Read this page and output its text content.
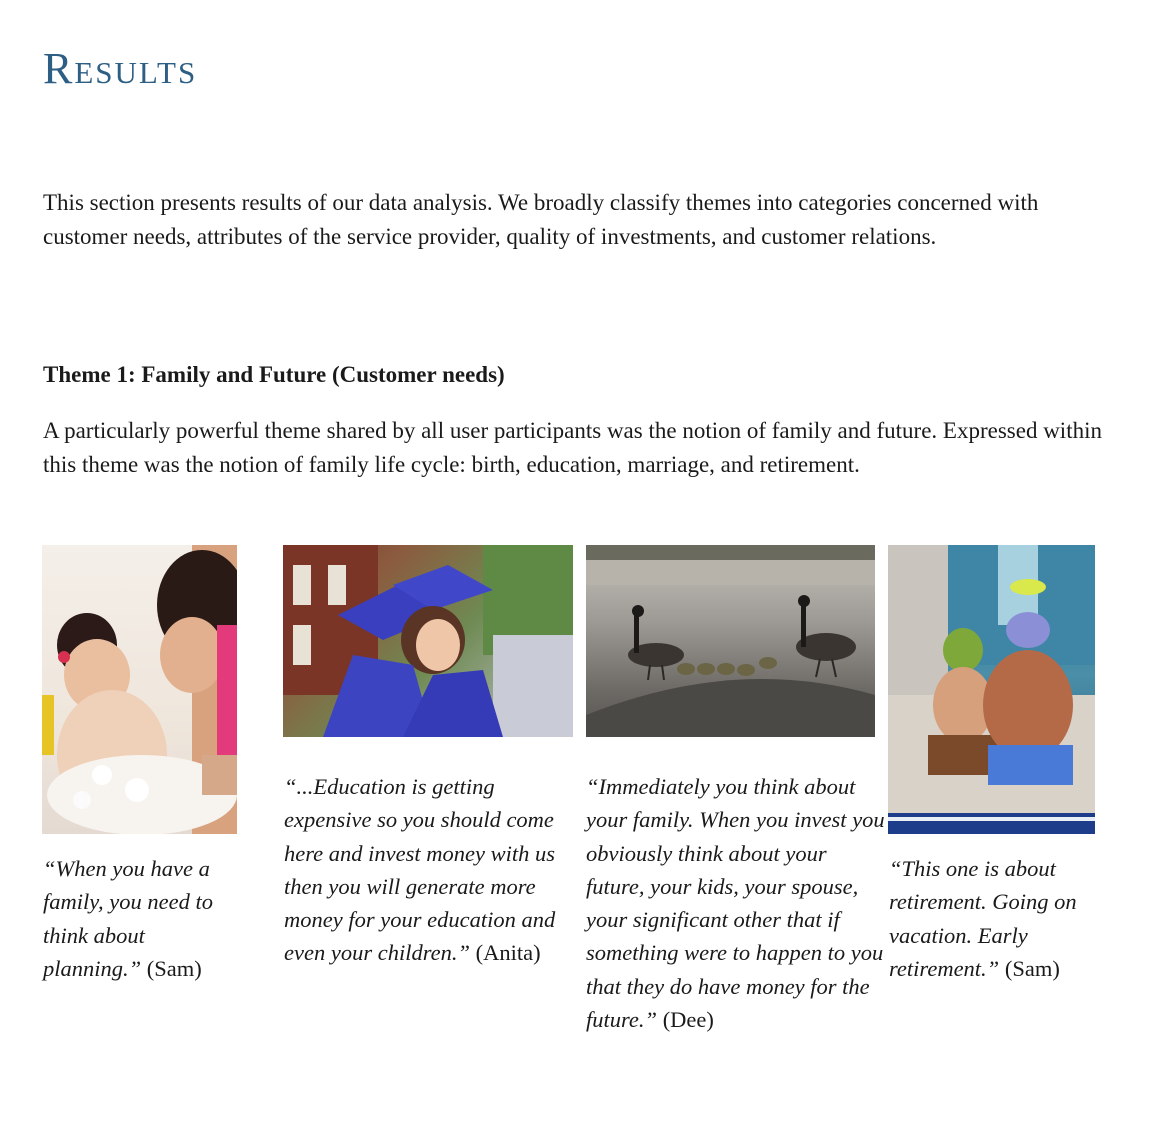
Results

This section presents results of our data analysis. We broadly classify themes into categories concerned with customer needs, attributes of the service provider, quality of investments, and customer relations.

Theme 1: Family and Future (Customer needs)

A particularly powerful theme shared by all user participants was the notion of family and future. Expressed within this theme was the notion of family life cycle: birth, education, marriage, and retirement.

“When you have a family, you need to think about planning.” (Sam)

“...Education is getting expensive so you should come here and invest money with us then you will generate more money for your education and even your children.” (Anita)

“Immediately you think about your family. When you invest you obviously think about your future, your kids, your spouse, your significant other that if something were to happen to you that they do have money for the future.” (Dee)

“This one is about retirement. Going on vacation. Early retirement.” (Sam)
